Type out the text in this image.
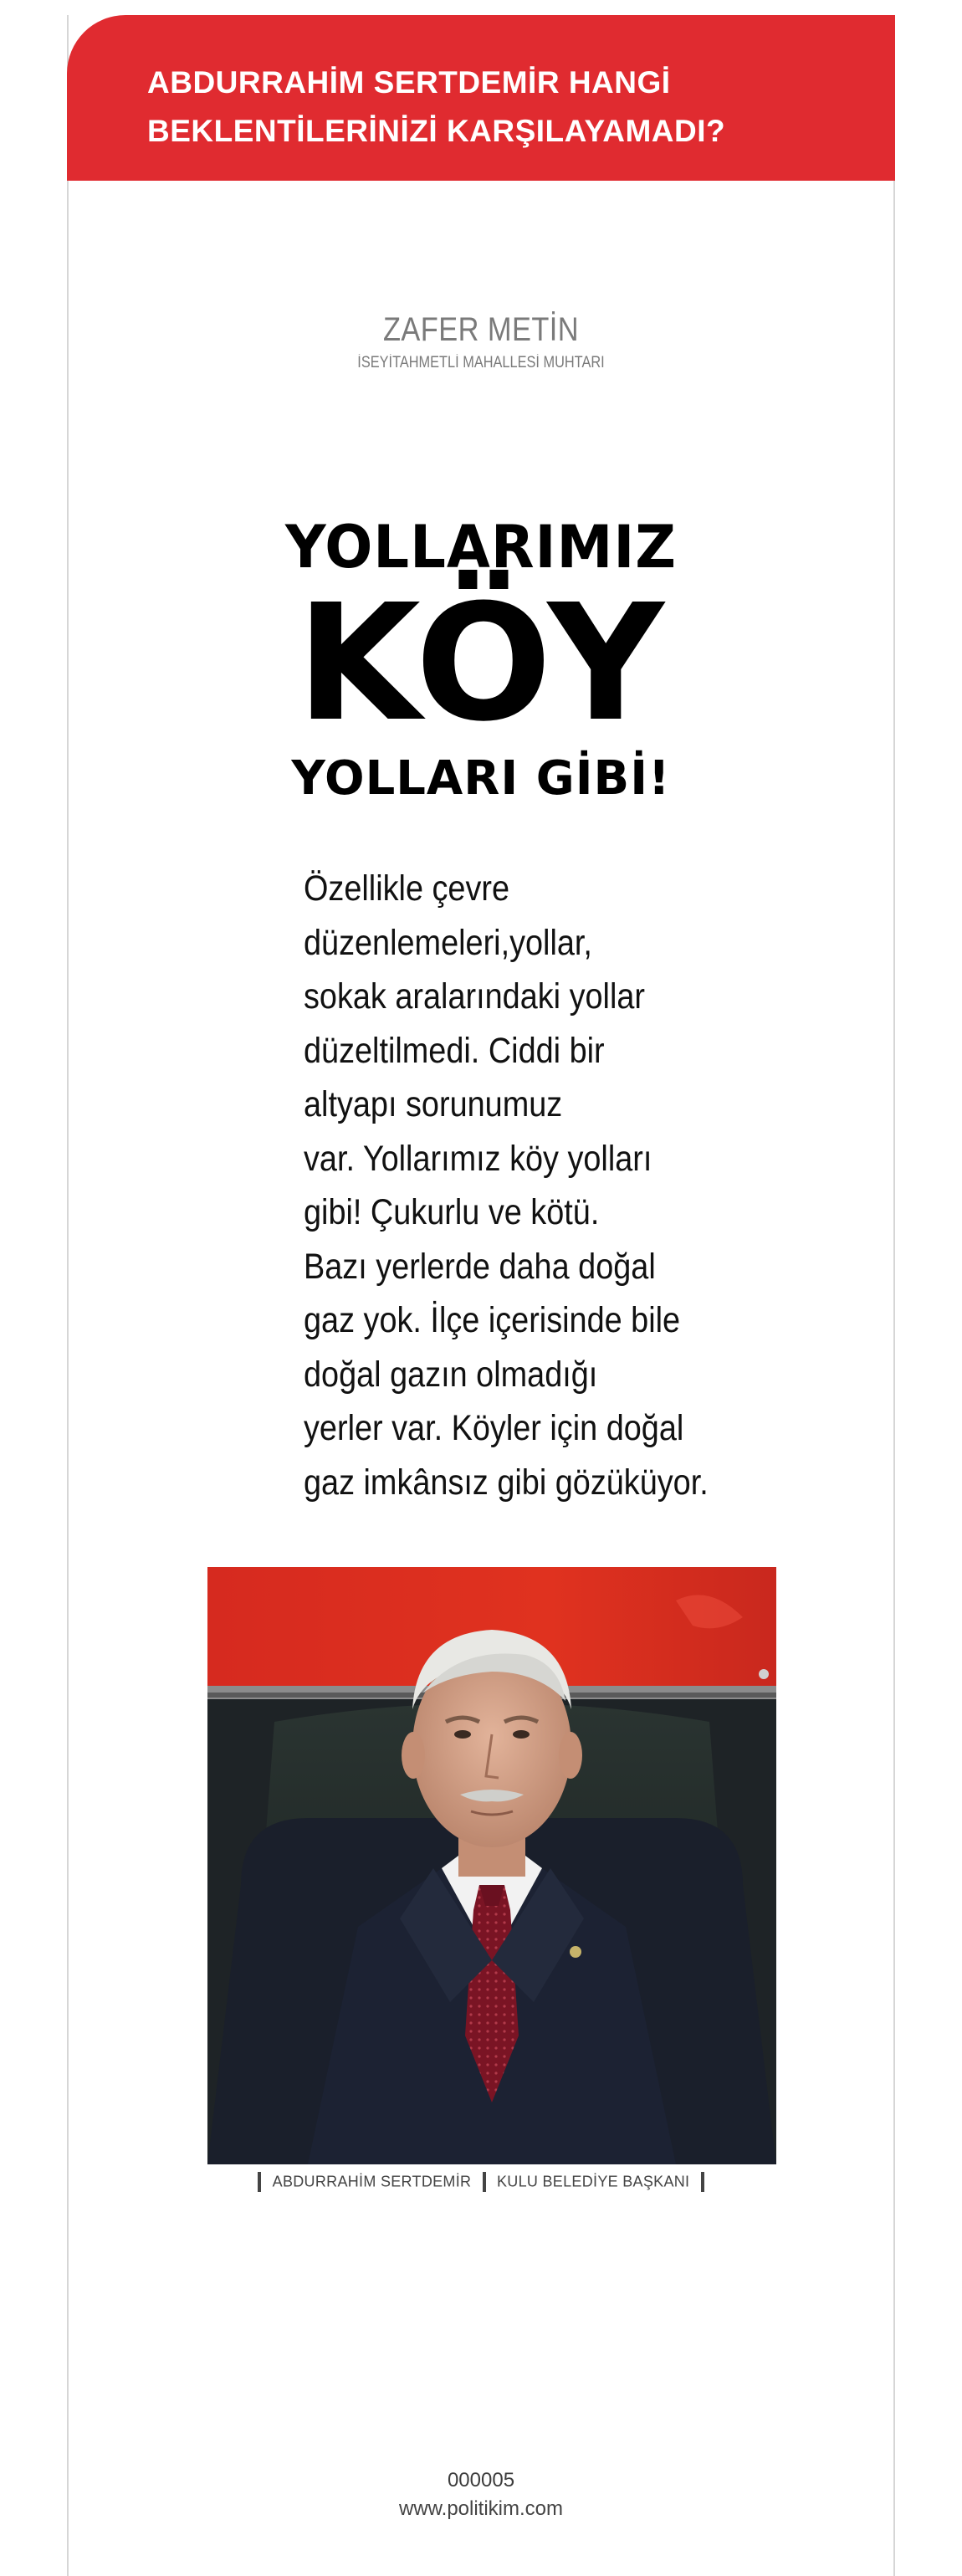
ABDURRAHİM SERTDEMİR HANGİ
BEKLENTİLERİNİZİ KARŞILAYAMADI?
ZAFER METİN
İSEYİTAHMETLİ MAHALLESİ MUHTARI
YOLLARIMIZ
KÖY
YOLLARI GİBİ!
Özellikle çevre
düzenlemeleri,yollar,
sokak aralarındaki yollar
düzeltilmedi. Ciddi bir
altyapı sorunumuz
var. Yollarımız köy yolları
gibi! Çukurlu ve kötü.
Bazı yerlerde daha doğal
gaz yok. İlçe içerisinde bile
doğal gazın olmadığı
yerler var. Köyler için doğal
gaz imkânsız gibi gözüküyor.
ABDURRAHİM SERTDEMİR KULU BELEDİYE BAŞKANI
000005
www.politikim.com
